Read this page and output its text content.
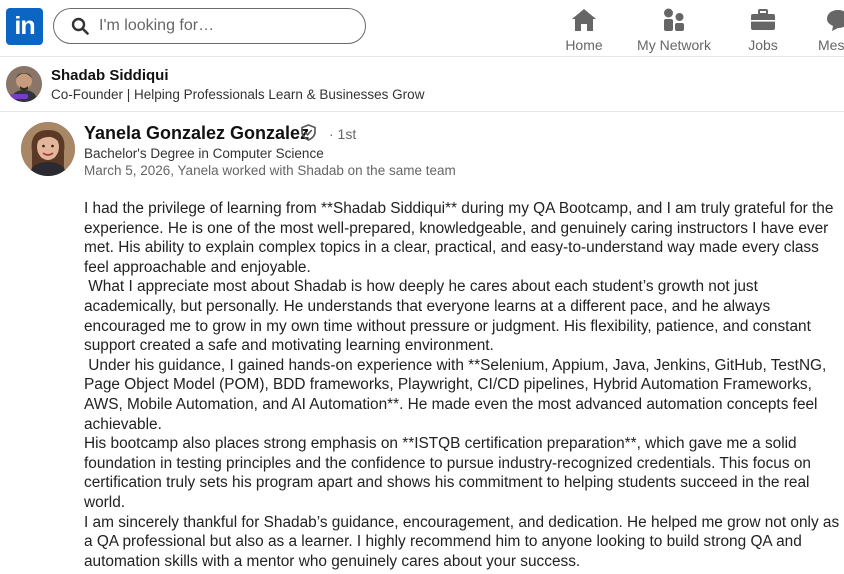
in
I'm looking for…
Home	My Network	Jobs	Mes
Shadab Siddiqui
Co-Founder | Helping Professionals Learn & Businesses Grow
Yanela Gonzalez Gonzalez · 1st
Bachelor's Degree in Computer Science
March 5, 2026, Yanela worked with Shadab on the same team

I had the privilege of learning from **Shadab Siddiqui** during my QA Bootcamp, and I am truly grateful for the experience. He is one of the most well-prepared, knowledgeable, and genuinely caring instructors I have ever met. His ability to explain complex topics in a clear, practical, and easy-to-understand way made every class feel approachable and enjoyable.

What I appreciate most about Shadab is how deeply he cares about each student’s growth not just academically, but personally. He understands that everyone learns at a different pace, and he always encouraged me to grow in my own time without pressure or judgment. His flexibility, patience, and constant support created a safe and motivating learning environment.

Under his guidance, I gained hands-on experience with **Selenium, Appium, Java, Jenkins, GitHub, TestNG, Page Object Model (POM), BDD frameworks, Playwright, CI/CD pipelines, Hybrid Automation Frameworks, AWS, Mobile Automation, and AI Automation**. He made even the most advanced automation concepts feel achievable.

His bootcamp also places strong emphasis on **ISTQB certification preparation**, which gave me a solid foundation in testing principles and the confidence to pursue industry-recognized credentials. This focus on certification truly sets his program apart and shows his commitment to helping students succeed in the real world.

I am sincerely thankful for Shadab’s guidance, encouragement, and dedication. He helped me grow not only as a QA professional but also as a learner. I highly recommend him to anyone looking to build strong QA and automation skills with a mentor who genuinely cares about your success.
